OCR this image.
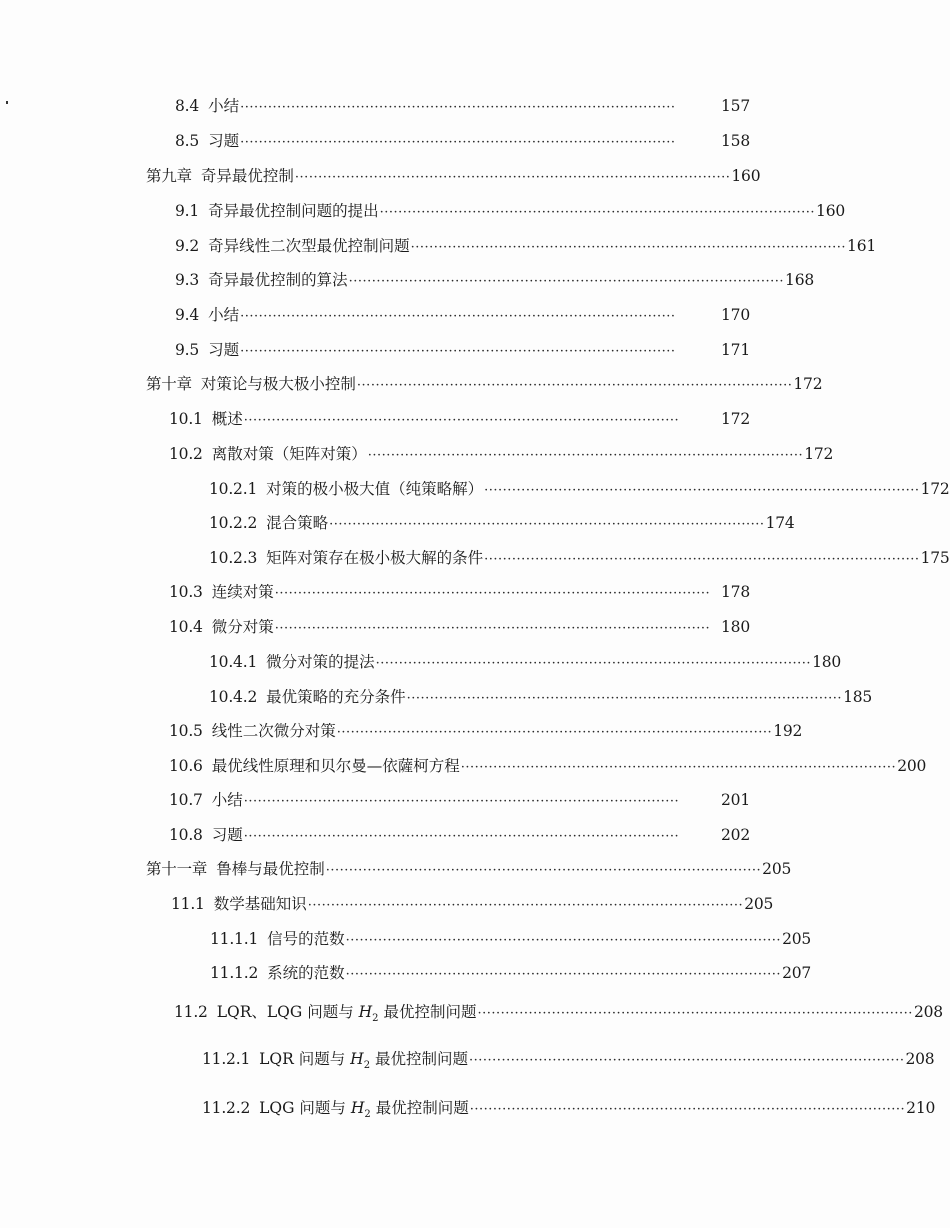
8.4 小结 ······························································································	157
8.5 习题 ······························································································	158
第九章 奇异最优控制 ······························································································ 160
9.1 奇异最优控制问题的提出 ······························································································ 160
9.2 奇异线性二次型最优控制问题 ······························································································ 161
9.3 奇异最优控制的算法 ······························································································ 168
9.4 小结 ······························································································	170
9.5 习题 ······························································································	171
第十章 对策论与极大极小控制 ······························································································ 172
10.1 概述 ······························································································	172
10.2 离散对策（矩阵对策） ······························································································ 172
10.2.1 对策的极小极大值（纯策略解） ······························································································ 172
10.2.2 混合策略 ······························································································ 174
10.2.3 矩阵对策存在极小极大解的条件 ······························································································ 175
10.3 连续对策 ······························································································ 178
10.4 微分对策 ······························································································ 180
10.4.1 微分对策的提法 ······························································································ 180
10.4.2 最优策略的充分条件 ······························································································ 185
10.5 线性二次微分对策 ······························································································ 192
10.6 最优线性原理和贝尔曼—依薩柯方程 ······························································································ 200
10.7 小结 ······························································································	201
10.8 习题 ······························································································	202
第十一章 鲁棒与最优控制 ······························································································ 205
11.1 数学基础知识 ······························································································ 205
11.1.1 信号的范数 ······························································································ 205
11.1.2 系统的范数 ······························································································ 207
11.2 LQR、LQG 问题与 $H_2$ 最优控制问题 ······························································································ 208
11.2.1 LQR 问题与 $H_2$ 最优控制问题 ······························································································ 208
11.2.2 LQG 问题与 $H_2$ 最优控制问题 ······························································································ 210
